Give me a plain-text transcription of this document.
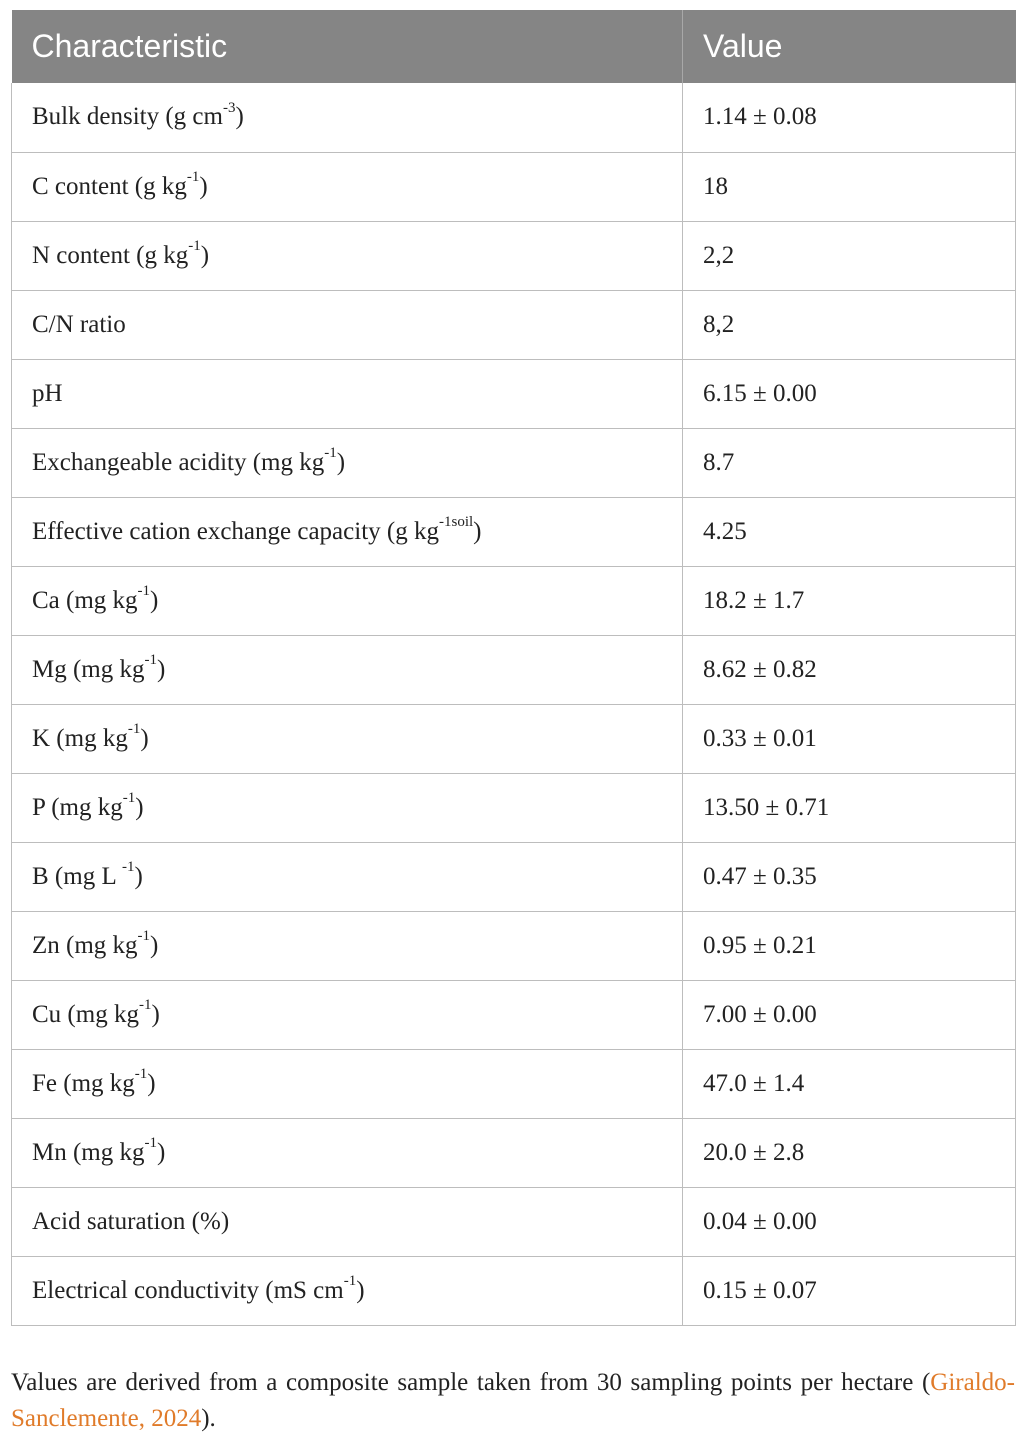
Characteristic	Value
Bulk density (g $cm^{-3}$)	1.14 ± 0.08
C content (g $kg^{-1}$)	18
N content (g $kg^{-1}$)	2,2
C/N ratio	8,2
pH	6.15 ± 0.00
Exchangeable acidity (mg $kg^{-1}$)	8.7
Effective cation exchange capacity (g $kg^{-1soil}$)	4.25
Ca (mg $kg^{-1}$)	18.2 ± 1.7
Mg (mg $kg^{-1}$)	8.62 ± 0.82
K (mg $kg^{-1}$)	0.33 ± 0.01
P (mg $kg^{-1}$)	13.50 ± 0.71
B (mg L $^{-1}$)	0.47 ± 0.35
Zn (mg $kg^{-1}$)	0.95 ± 0.21
Cu (mg $kg^{-1}$)	7.00 ± 0.00
Fe (mg $kg^{-1}$)	47.0 ± 1.4
Mn (mg $kg^{-1}$)	20.0 ± 2.8
Acid saturation (%)	0.04 ± 0.00
Electrical conductivity (mS $cm^{-1}$)	0.15 ± 0.07

Values are derived from a composite sample taken from 30 sampling points per hectare (Giraldo-Sanclemente, 2024).
